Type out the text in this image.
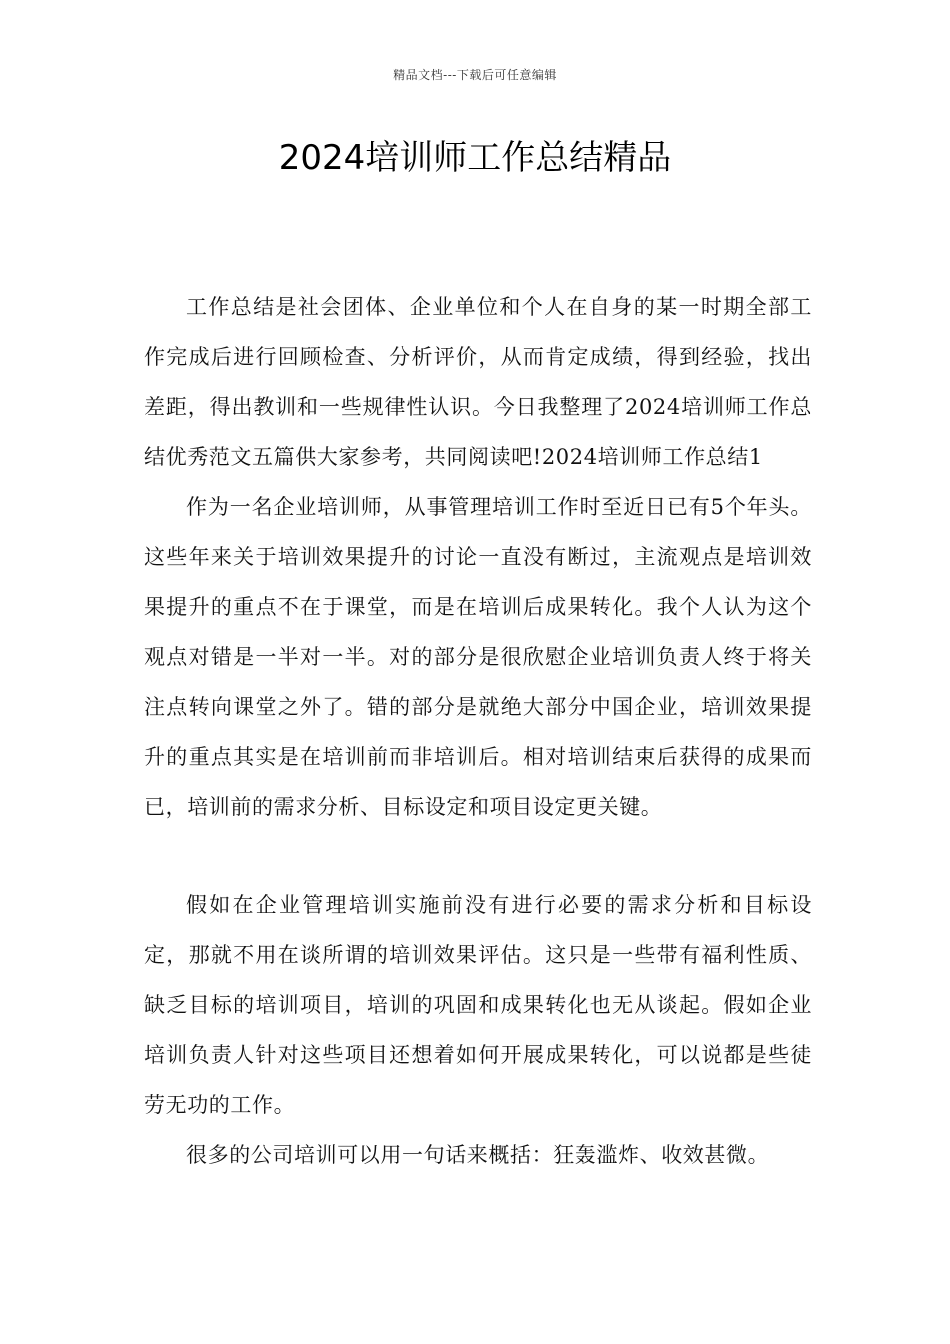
精品文档---下载后可任意编辑
2024培训师工作总结精品

工作总结是社会团体、企业单位和个人在自身的某一时期全部工作完成后进行回顾检查、分析评价，从而肯定成绩，得到经验，找出差距，得出教训和一些规律性认识。今日我整理了2024培训师工作总结优秀范文五篇供大家参考，共同阅读吧!2024培训师工作总结1

作为一名企业培训师，从事管理培训工作时至近日已有5个年头。这些年来关于培训效果提升的讨论一直没有断过，主流观点是培训效果提升的重点不在于课堂，而是在培训后成果转化。我个人认为这个观点对错是一半对一半。对的部分是很欣慰企业培训负责人终于将关注点转向课堂之外了。错的部分是就绝大部分中国企业，培训效果提升的重点其实是在培训前而非培训后。相对培训结束后获得的成果而已，培训前的需求分析、目标设定和项目设定更关键。

假如在企业管理培训实施前没有进行必要的需求分析和目标设定，那就不用在谈所谓的培训效果评估。这只是一些带有福利性质、缺乏目标的培训项目，培训的巩固和成果转化也无从谈起。假如企业培训负责人针对这些项目还想着如何开展成果转化，可以说都是些徒劳无功的工作。

很多的公司培训可以用一句话来概括：狂轰滥炸、收效甚微。
